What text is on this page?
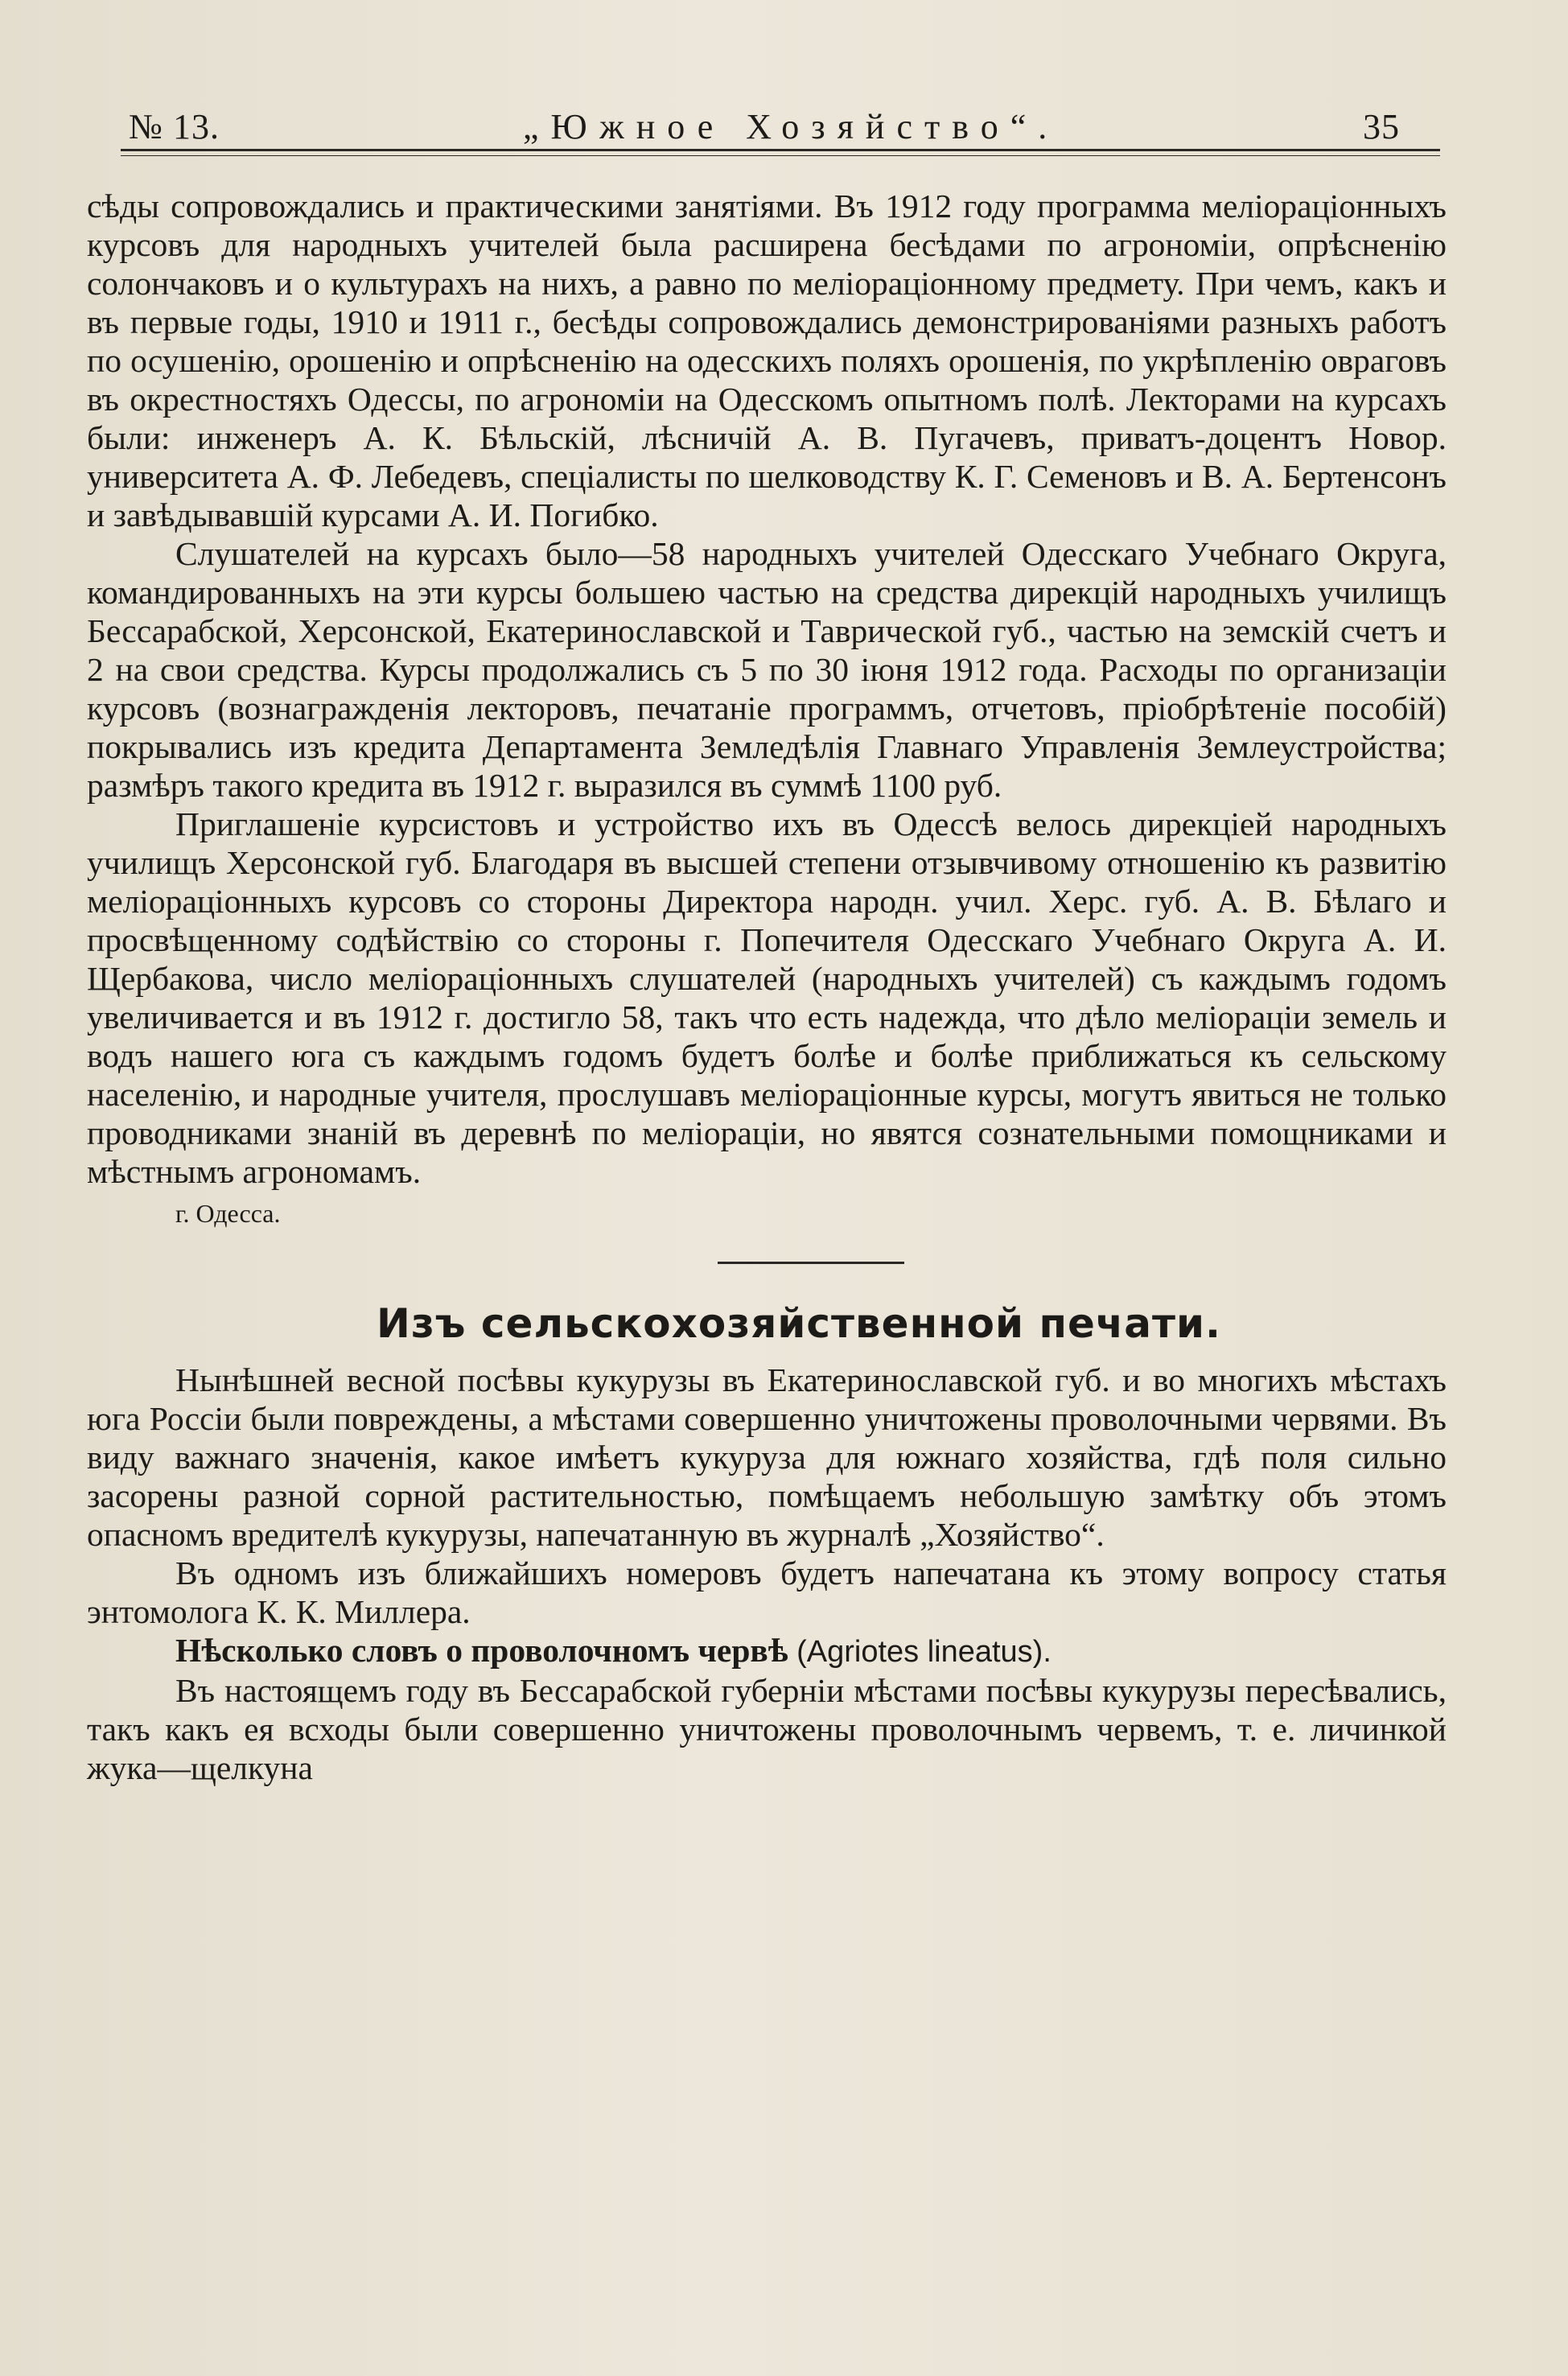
№ 13.	„Южное Хозяйство“.	35

сѣды сопровождались и практическими занятіями. Въ 1912 году программа меліораціонныхъ курсовъ для народныхъ учителей была расширена бесѣдами по агрономіи, опрѣсненію солончаковъ и о культурахъ на нихъ, а равно по меліораціонному предмету. При чемъ, какъ и въ первые годы, 1910 и 1911 г., бесѣды сопровождались демонстрированіями разныхъ работъ по осушенію, орошенію и опрѣсненію на одесскихъ поляхъ орошенія, по укрѣпленію овраговъ въ окрестностяхъ Одессы, по агрономіи на Одесскомъ опытномъ полѣ. Лекторами на курсахъ были: инженеръ А. К. Бѣльскій, лѣсничій А. В. Пугачевъ, приватъ-доцентъ Новор. университета А. Ф. Лебедевъ, спеціалисты по шелководству К. Г. Семеновъ и В. А. Бертенсонъ и завѣдывавшій курсами А. И. Погибко.

Слушателей на курсахъ было—58 народныхъ учителей Одесскаго Учебнаго Округа, командированныхъ на эти курсы большею частью на средства дирекцій народныхъ училищъ Бессарабской, Херсонской, Екатеринославской и Таврической губ., частью на земскій счетъ и 2 на свои средства. Курсы продолжались съ 5 по 30 іюня 1912 года. Расходы по организаціи курсовъ (вознагражденія лекторовъ, печатаніе программъ, отчетовъ, пріобрѣтеніе пособій) покрывались изъ кредита Департамента Земледѣлія Главнаго Управленія Землеустройства; размѣръ такого кредита въ 1912 г. выразился въ суммѣ 1100 руб.

Приглашеніе курсистовъ и устройство ихъ въ Одессѣ велось дирекціей народныхъ училищъ Херсонской губ. Благодаря въ высшей степени отзывчивому отношенію къ развитію меліораціонныхъ курсовъ со стороны Директора народн. учил. Херс. губ. А. В. Бѣлаго и просвѣщенному содѣйствію со стороны г. Попечителя Одесскаго Учебнаго Округа А. И. Щербакова, число меліораціонныхъ слушателей (народныхъ учителей) съ каждымъ годомъ увеличивается и въ 1912 г. достигло 58, такъ что есть надежда, что дѣло меліораціи земель и водъ нашего юга съ каждымъ годомъ будетъ болѣе и болѣе приближаться къ сельскому населенію, и народные учителя, прослушавъ меліораціонные курсы, могутъ явиться не только проводниками знаній въ деревнѣ по меліораціи, но явятся сознательными помощниками и мѣстнымъ агрономамъ.

г. Одесса.
Изъ сельскохозяйственной печати.

Нынѣшней весной посѣвы кукурузы въ Екатеринославской губ. и во многихъ мѣстахъ юга Россіи были повреждены, а мѣстами совершенно уничтожены проволочными червями. Въ виду важнаго значенія, какое имѣетъ кукуруза для южнаго хозяйства, гдѣ поля сильно засорены разной сорной растительностью, помѣщаемъ небольшую замѣтку объ этомъ опасномъ вредителѣ кукурузы, напечатанную въ журналѣ „Хозяйство“.

Въ одномъ изъ ближайшихъ номеровъ будетъ напечатана къ этому вопросу статья энтомолога К. К. Миллера.

Нѣсколько словъ о проволочномъ червѣ (Agriotes lineatus).

Въ настоящемъ году въ Бессарабской губерніи мѣстами посѣвы кукурузы пересѣвались, такъ какъ ея всходы были совершенно уничтожены проволочнымъ червемъ, т. е. личинкой жука—щелкуна
